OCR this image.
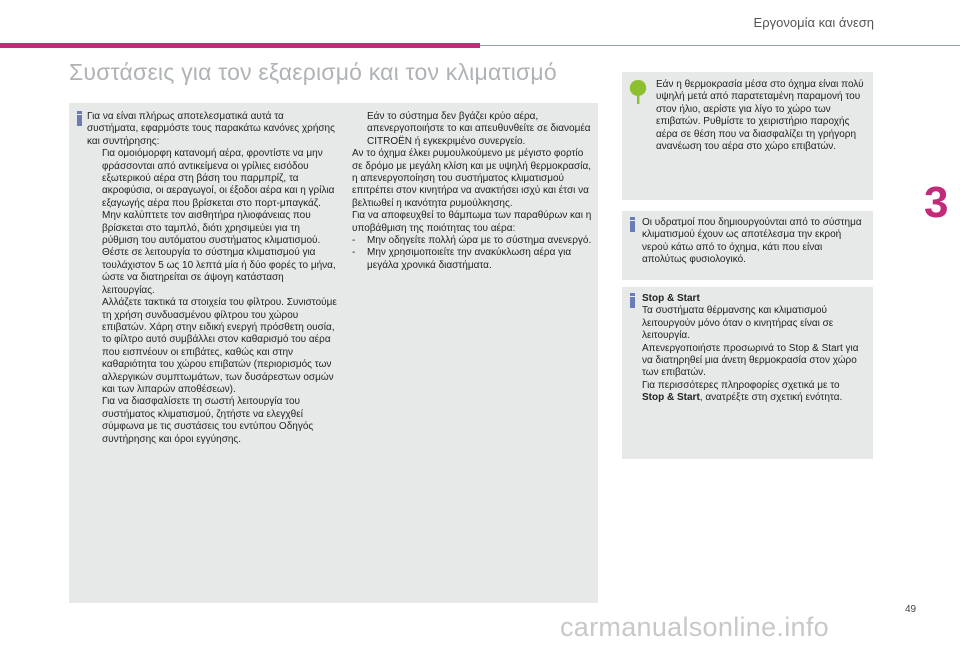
Εργονομία και άνεση
Συστάσεις για τον εξαερισμό και τον κλιματισμό

Για να είναι πλήρως αποτελεσματικά αυτά τα συστήματα, εφαρμόστε τους παρακάτω κανόνες χρήσης και συντήρησης:

Για ομοιόμορφη κατανομή αέρα, φροντίστε να μην φράσσονται από αντικείμενα οι γρίλιες εισόδου εξωτερικού αέρα στη βάση του παρμπρίζ, τα ακροφύσια, οι αεραγωγοί, οι έξοδοι αέρα και η γρίλια εξαγωγής αέρα που βρίσκεται στο πορτ-μπαγκάζ.
Μην καλύπτετε τον αισθητήρα ηλιοφάνειας που βρίσκεται στο ταμπλό, διότι χρησιμεύει για τη ρύθμιση του αυτόματου συστήματος κλιματισμού.
Θέστε σε λειτουργία το σύστημα κλιματισμού για τουλάχιστον 5 ως 10 λεπτά μία ή δύο φορές το μήνα, ώστε να διατηρείται σε άψογη κατάσταση λειτουργίας.
Αλλάζετε τακτικά τα στοιχεία του φίλτρου. Συνιστούμε τη χρήση συνδυασμένου φίλτρου του χώρου επιβατών. Χάρη στην ειδική ενεργή πρόσθετη ουσία, το φίλτρο αυτό συμβάλλει στον καθαρισμό του αέρα που εισπνέουν οι επιβάτες, καθώς και στην καθαριότητα του χώρου επιβατών (περιορισμός των αλλεργικών συμπτωμάτων, των δυσάρεστων οσμών και των λιπαρών αποθέσεων).
Για να διασφαλίσετε τη σωστή λειτουργία του συστήματος κλιματισμού, ζητήστε να ελεγχθεί σύμφωνα με τις συστάσεις του εντύπου Οδηγός συντήρησης και όροι εγγύησης.
Εάν το σύστημα δεν βγάζει κρύο αέρα, απενεργοποιήστε το και απευθυνθείτε σε διανομέα CITROËN ή εγκεκριμένο συνεργείο.

Αν το όχημα έλκει ρυμουλκούμενο με μέγιστο φορτίο σε δρόμο με μεγάλη κλίση και με υψηλή θερμοκρασία, η απενεργοποίηση του συστήματος κλιματισμού επιτρέπει στον κινητήρα να ανακτήσει ισχύ και έτσι να βελτιωθεί η ικανότητα ρυμούλκησης.

Για να αποφευχθεί το θάμπωμα των παραθύρων και η υποβάθμιση της ποιότητας του αέρα:

-	Μην οδηγείτε πολλή ώρα με το σύστημα ανενεργό.
-	Μην χρησιμοποιείτε την ανακύκλωση αέρα για μεγάλα χρονικά διαστήματα.
Εάν η θερμοκρασία μέσα στο όχημα είναι πολύ υψηλή μετά από παρατεταμένη παραμονή του στον ήλιο, αερίστε για λίγο το χώρο των επιβατών. Ρυθμίστε το χειριστήριο παροχής αέρα σε θέση που να διασφαλίζει τη γρήγορη ανανέωση του αέρα στο χώρο επιβατών.
Οι υδρατμοί που δημιουργούνται από το σύστημα κλιματισμού έχουν ως αποτέλεσμα την εκροή νερού κάτω από το όχημα, κάτι που είναι απολύτως φυσιολογικό.
Stop & Start

Τα συστήματα θέρμανσης και κλιματισμού λειτουργούν μόνο όταν ο κινητήρας είναι σε λειτουργία.

Απενεργοποιήστε προσωρινά το Stop & Start για να διατηρηθεί μια άνετη θερμοκρασία στον χώρο των επιβατών.

Για περισσότερες πληροφορίες σχετικά με το
Stop & Start, ανατρέξτε στη σχετική ενότητα.

3
49
carmanualsonline.info
